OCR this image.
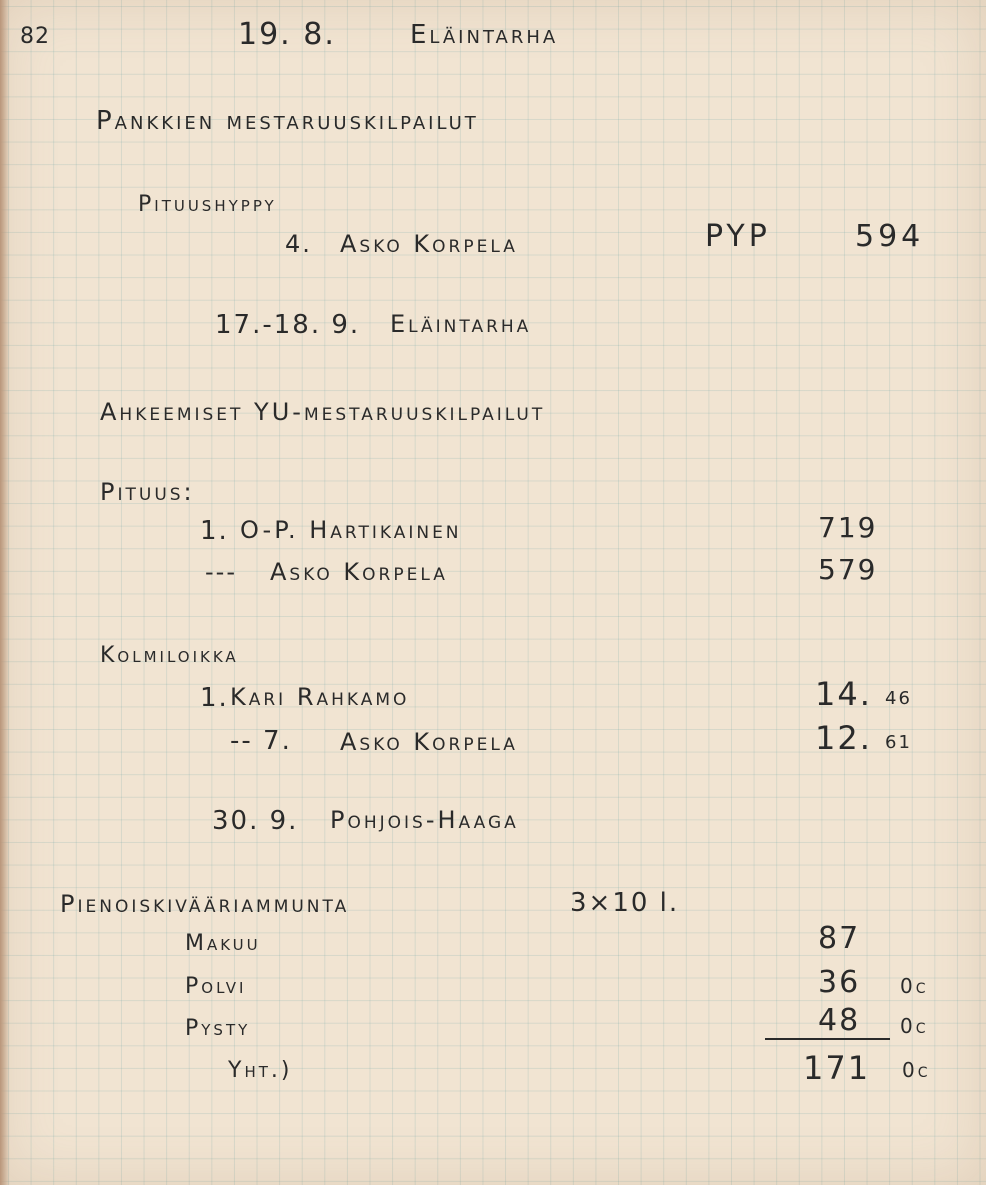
82	19. 8.	Eläintarha
Pankkien mestaruuskilpailut
Pituushyppy
4. Asko Korpela	PYP	594
17.-18. 9. Eläintarha
Ahkeemiset YU-mestaruuskilpailut
Pituus:
1. O-P. Hartikainen	719
--- Asko Korpela	579
Kolmiloikka
1. Kari Rahkamo	14. 46
-- 7. Asko Korpela	12. 61
30. 9. Pohjois-Haaga
Pienoiskivääriammunta	3×10 l.
Makuu	87
Polvi	36 0c
Pysty	48 0c
Yht.)	171 0c
